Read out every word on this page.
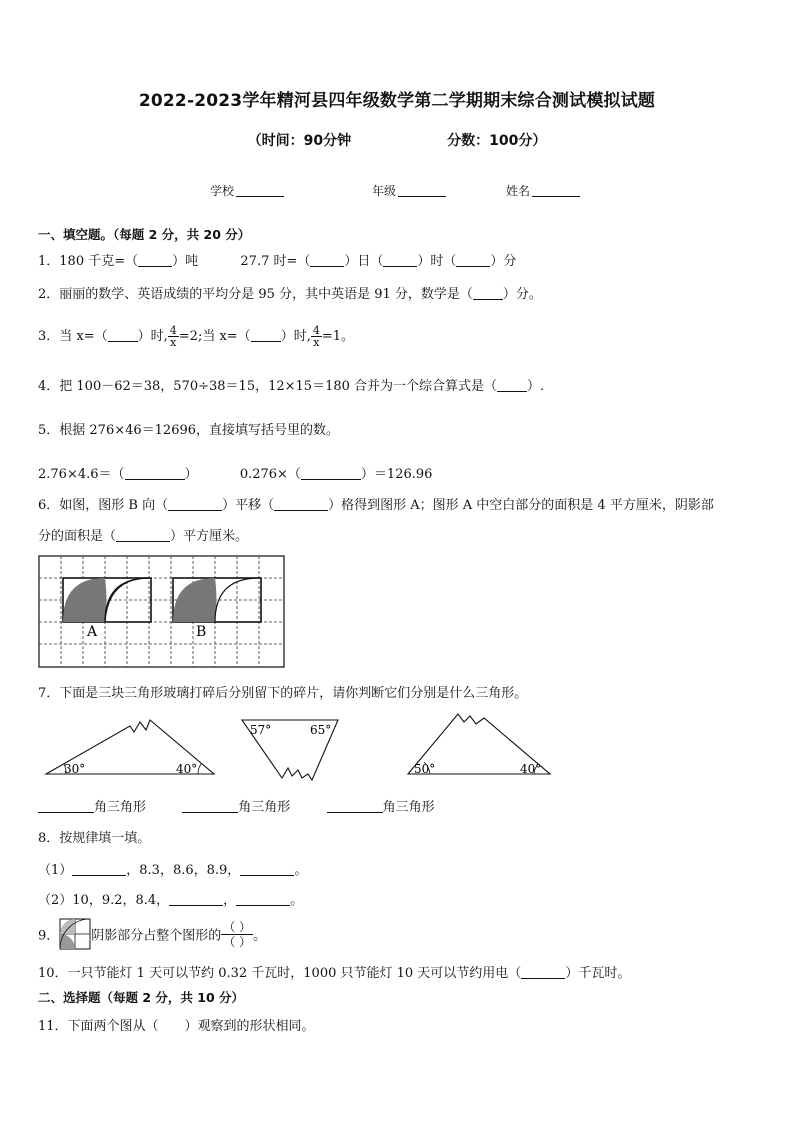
2022-2023学年精河县四年级数学第二学期期末综合测试模拟试题
（时间：90分钟	分数：100分）
学校	年级	姓名
一、填空题。（每题 2 分，共 20 分）
1．180 千克=（	）吨	27.7 时=（	）日（	）时（	）分
2．丽丽的数学、英语成绩的平均分是 95 分，其中英语是 91 分，数学是（ ）分。
3．当 x=（ ）时, $\frac{4}{x} =2$;当 x=（ ）时, $\frac{4}{x} =1$。
4．把 100－62＝38，570÷38＝15，12×15＝180 合并为一个综合算式是（ ）.
5．根据 276×46＝12696，直接填写括号里的数。
2.76×4.6＝（	）	0.276×（	）＝126.96
6．如图，图形 B 向（	）平移（	）格得到图形 A；图形 A 中空白部分的面积是 4 平方厘米，阴影部
分的面积是（	）平方厘米。
A	B
7．下面是三块三角形玻璃打碎后分别留下的碎片，请你判断它们分别是什么三角形。
30°	40°
57°	65°
50°	40°
角三角形	角三角形	角三角形
8．按规律填一填。
（1）	，8.3，8.6，8.9，	。
（2）10，9.2，8.4，	，	。
9． 阴影部分占整个图形的 $\frac{( )}{( )}$ 。
10．一只节能灯 1 天可以节约 0.32 千瓦时，1000 只节能灯 10 天可以节约用电（	）千瓦时。
二、选择题（每题 2 分，共 10 分）
11．下面两个图从（　　）观察到的形状相同。
